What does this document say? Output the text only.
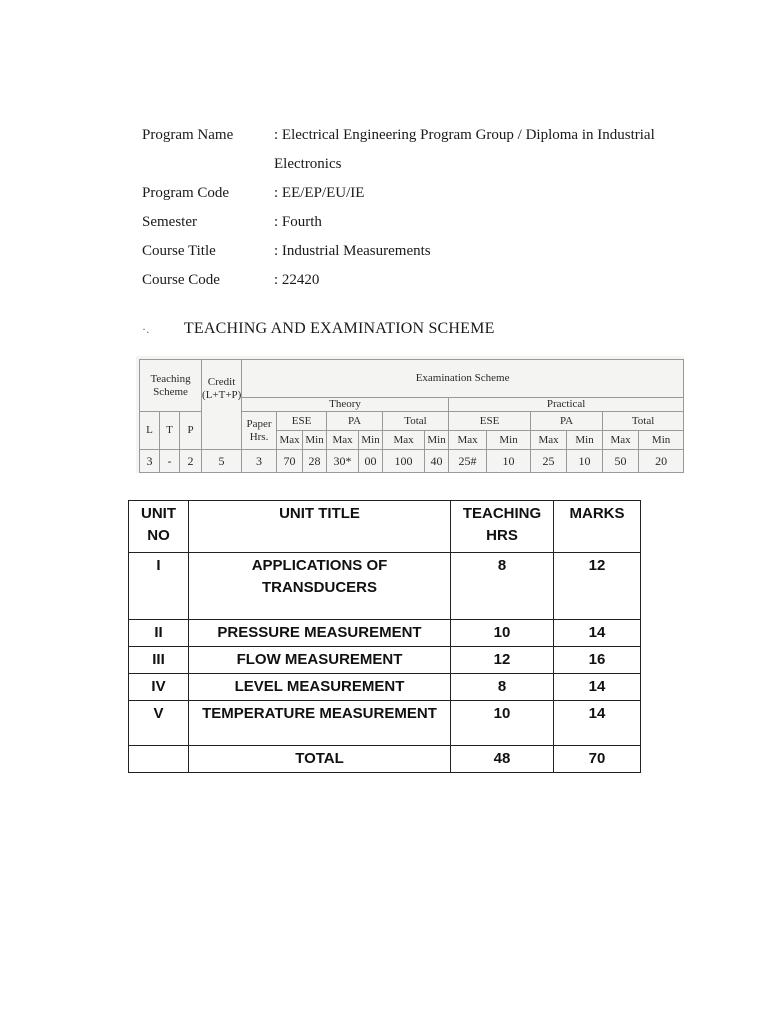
Program Name	: Electrical Engineering Program Group / Diploma in Industrial
Electronics
Program Code	: EE/EP/EU/IE
Semester	: Fourth
Course Title	: Industrial Measurements
Course Code	: 22420
·. TEACHING AND EXAMINATION SCHEME
Teaching Scheme			Credit (L+T+P)	Examination Scheme												
				Theory							Practical					
L	T	P		Paper Hrs.	ESE		PA		Total		ESE		PA		Total	
					Max	Min	Max	Min	Max	Min	Max	Min	Max	Min	Max	Min
3	-	2	5	3	70	28	30*	00	100	40	25#	10	25	10	50	20
UNIT NO	UNIT TITLE	TEACHING HRS	MARKS
I	APPLICATIONS OF TRANSDUCERS	8	12
II	PRESSURE MEASUREMENT	10	14
III	FLOW MEASUREMENT	12	16
IV	LEVEL MEASUREMENT	8	14
V	TEMPERATURE MEASUREMENT	10	14
	TOTAL	48	70
